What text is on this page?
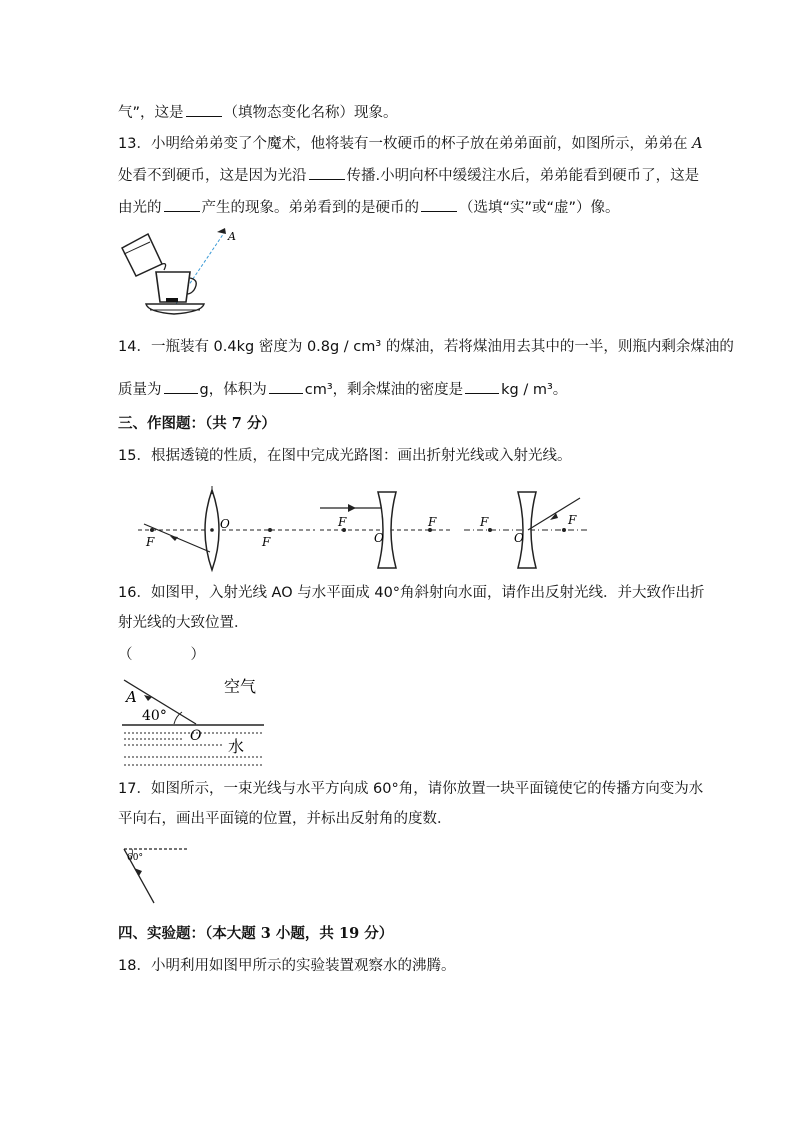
气”，这是	（填物态变化名称）现象。
13．小明给弟弟变了个魔术，他将装有一枚硬币的杯子放在弟弟面前，如图所示，弟弟在 A
处看不到硬币，这是因为光沿	传播.小明向杯中缓缓注水后，弟弟能看到硬币了，这是
由光的	产生的现象。弟弟看到的是硬币的	（选填“实”或“虚”）像。
A
14．一瓶装有 0.4kg 密度为 0.8g / cm³ 的煤油，若将煤油用去其中的一半，则瓶内剩余煤油的
质量为	g，体积为	cm³，剩余煤油的密度是	kg / m³。
三、作图题：（共 7 分）
15．根据透镜的性质，在图中完成光路图：画出折射光线或入射光线。
F
O
F
F
O
F	F
O
F
16．如图甲，入射光线 AO 与水平面成 40°角斜射向水面，请作出反射光线．并大致作出折
射光线的大致位置．
（　　　　）
A
40°
O
空气
水
17．如图所示，一束光线与水平方向成 60°角，请你放置一块平面镜使它的传播方向变为水
平向右，画出平面镜的位置，并标出反射角的度数．
60°
四、实验题：（本大题 3 小题，共 19 分）
18．小明利用如图甲所示的实验装置观察水的沸腾。
